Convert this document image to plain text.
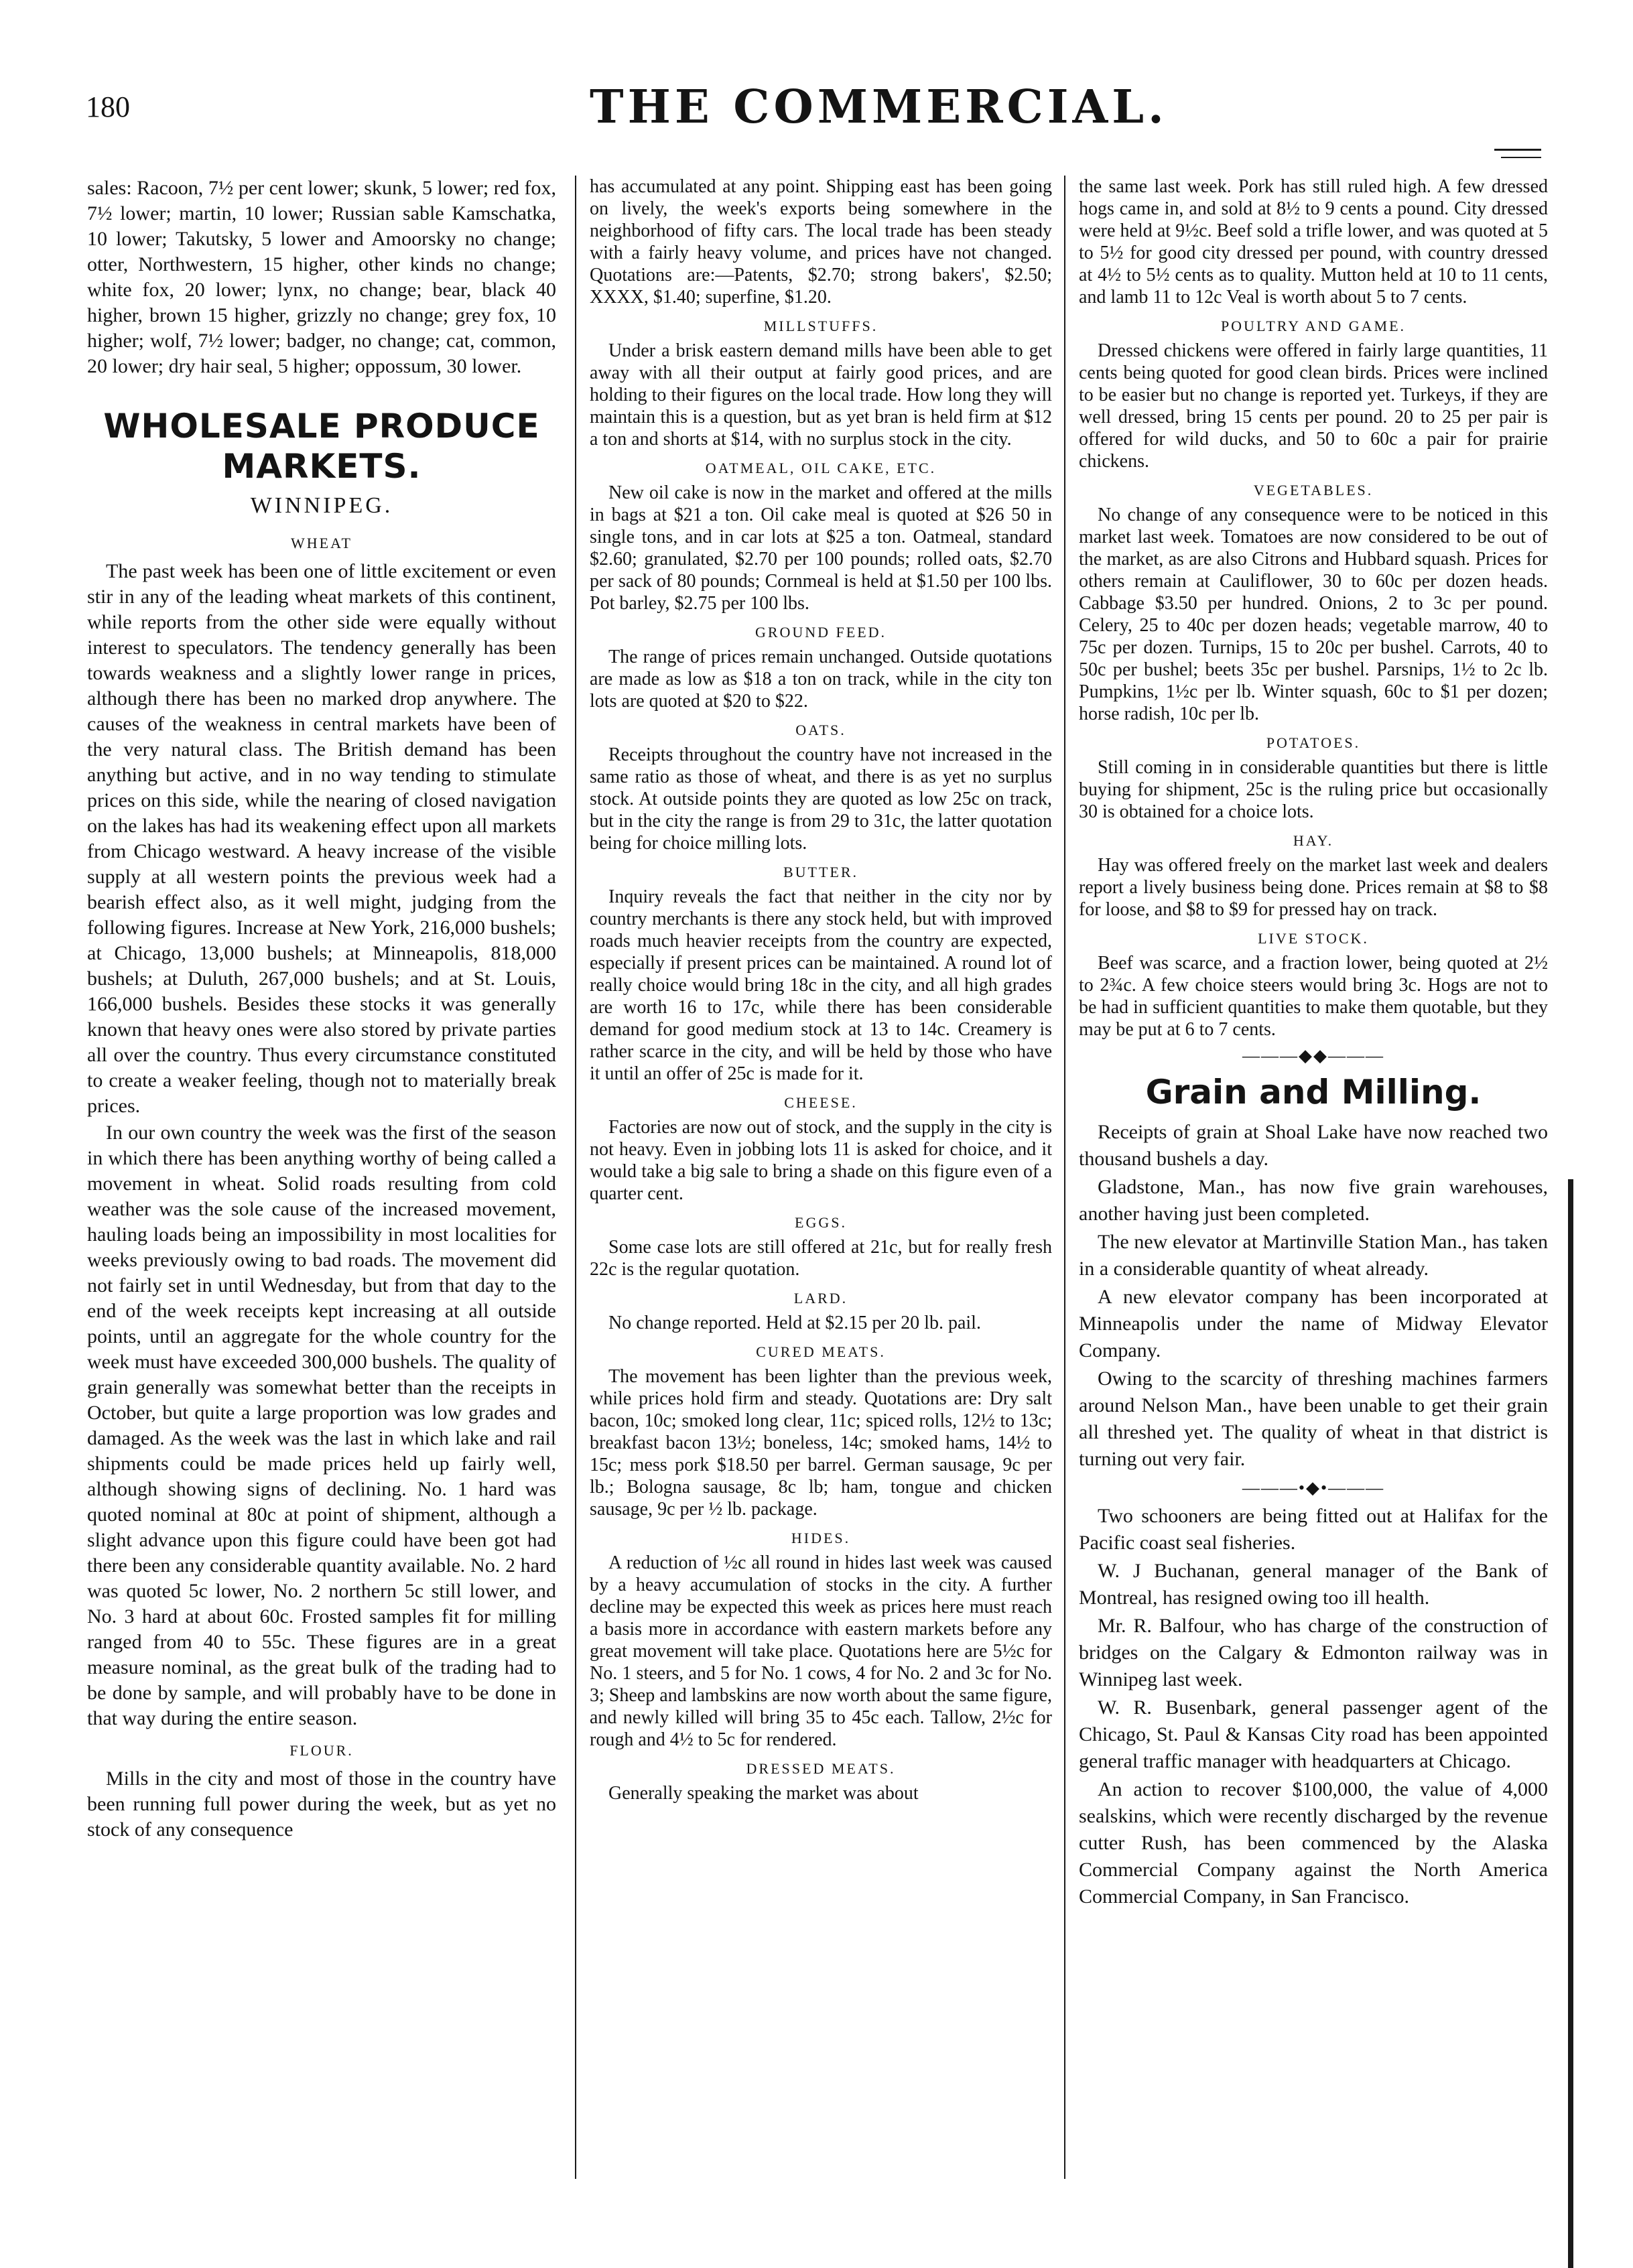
180	THE COMMERCIAL.

sales: Racoon, 7½ per cent lower; skunk, 5 lower; red fox, 7½ lower; martin, 10 lower; Russian sable Kamschatka, 10 lower; Takutsky, 5 lower and Amoorsky no change; otter, Northwestern, 15 higher, other kinds no change; white fox, 20 lower; lynx, no change; bear, black 40 higher, brown 15 higher, grizzly no change; grey fox, 10 higher; wolf, 7½ lower; badger, no change; cat, common, 20 lower; dry hair seal, 5 higher; oppossum, 30 lower.

WHOLESALE PRODUCE MARKETS.
WINNIPEG.
WHEAT

The past week has been one of little excitement or even stir in any of the leading wheat markets of this continent, while reports from the other side were equally without interest to speculators. The tendency generally has been towards weakness and a slightly lower range in prices, although there has been no marked drop anywhere. The causes of the weakness in central markets have been of the very natural class. The British demand has been anything but active, and in no way tending to stimulate prices on this side, while the nearing of closed navigation on the lakes has had its weakening effect upon all markets from Chicago westward. A heavy increase of the visible supply at all western points the previous week had a bearish effect also, as it well might, judging from the following figures. Increase at New York, 216,000 bushels; at Chicago, 13,000 bushels; at Minneapolis, 818,000 bushels; at Duluth, 267,000 bushels; and at St. Louis, 166,000 bushels. Besides these stocks it was generally known that heavy ones were also stored by private parties all over the country. Thus every circumstance constituted to create a weaker feeling, though not to materially break prices.

In our own country the week was the first of the season in which there has been anything worthy of being called a movement in wheat. Solid roads resulting from cold weather was the sole cause of the increased movement, hauling loads being an impossibility in most localities for weeks previously owing to bad roads. The movement did not fairly set in until Wednesday, but from that day to the end of the week receipts kept increasing at all outside points, until an aggregate for the whole country for the week must have exceeded 300,000 bushels. The quality of grain generally was somewhat better than the receipts in October, but quite a large proportion was low grades and damaged. As the week was the last in which lake and rail shipments could be made prices held up fairly well, although showing signs of declining. No. 1 hard was quoted nominal at 80c at point of shipment, although a slight advance upon this figure could have been got had there been any considerable quantity available. No. 2 hard was quoted 5c lower, No. 2 northern 5c still lower, and No. 3 hard at about 60c. Frosted samples fit for milling ranged from 40 to 55c. These figures are in a great measure nominal, as the great bulk of the trading had to be done by sample, and will probably have to be done in that way during the entire season.

FLOUR.

Mills in the city and most of those in the country have been running full power during the week, but as yet no stock of any consequence

has accumulated at any point. Shipping east has been going on lively, the week's exports being somewhere in the neighborhood of fifty cars. The local trade has been steady with a fairly heavy volume, and prices have not changed. Quotations are:—Patents, $2.70; strong bakers', $2.50; XXXX, $1.40; superfine, $1.20.

MILLSTUFFS.

Under a brisk eastern demand mills have been able to get away with all their output at fairly good prices, and are holding to their figures on the local trade. How long they will maintain this is a question, but as yet bran is held firm at $12 a ton and shorts at $14, with no surplus stock in the city.

OATMEAL, OIL CAKE, ETC.

New oil cake is now in the market and offered at the mills in bags at $21 a ton. Oil cake meal is quoted at $26 50 in single tons, and in car lots at $25 a ton. Oatmeal, standard $2.60; granulated, $2.70 per 100 pounds; rolled oats, $2.70 per sack of 80 pounds; Cornmeal is held at $1.50 per 100 lbs. Pot barley, $2.75 per 100 lbs.

GROUND FEED.

The range of prices remain unchanged. Outside quotations are made as low as $18 a ton on track, while in the city ton lots are quoted at $20 to $22.

OATS.

Receipts throughout the country have not increased in the same ratio as those of wheat, and there is as yet no surplus stock. At outside points they are quoted as low 25c on track, but in the city the range is from 29 to 31c, the latter quotation being for choice milling lots.

BUTTER.

Inquiry reveals the fact that neither in the city nor by country merchants is there any stock held, but with improved roads much heavier receipts from the country are expected, especially if present prices can be maintained. A round lot of really choice would bring 18c in the city, and all high grades are worth 16 to 17c, while there has been considerable demand for good medium stock at 13 to 14c. Creamery is rather scarce in the city, and will be held by those who have it until an offer of 25c is made for it.

CHEESE.

Factories are now out of stock, and the supply in the city is not heavy. Even in jobbing lots 11 is asked for choice, and it would take a big sale to bring a shade on this figure even of a quarter cent.

EGGS.

Some case lots are still offered at 21c, but for really fresh 22c is the regular quotation.

LARD.

No change reported. Held at $2.15 per 20 lb. pail.

CURED MEATS.

The movement has been lighter than the previous week, while prices hold firm and steady. Quotations are: Dry salt bacon, 10c; smoked long clear, 11c; spiced rolls, 12½ to 13c; breakfast bacon 13½; boneless, 14c; smoked hams, 14½ to 15c; mess pork $18.50 per barrel. German sausage, 9c per lb.; Bologna sausage, 8c lb; ham, tongue and chicken sausage, 9c per ½ lb. package.

HIDES.

A reduction of ½c all round in hides last week was caused by a heavy accumulation of stocks in the city. A further decline may be expected this week as prices here must reach a basis more in accordance with eastern markets before any great movement will take place. Quotations here are 5½c for No. 1 steers, and 5 for No. 1 cows, 4 for No. 2 and 3c for No. 3; Sheep and lambskins are now worth about the same figure, and newly killed will bring 35 to 45c each. Tallow, 2½c for rough and 4½ to 5c for rendered.

DRESSED MEATS.

Generally speaking the market was about

the same last week. Pork has still ruled high. A few dressed hogs came in, and sold at 8½ to 9 cents a pound. City dressed were held at 9½c. Beef sold a trifle lower, and was quoted at 5 to 5½ for good city dressed per pound, with country dressed at 4½ to 5½ cents as to quality. Mutton held at 10 to 11 cents, and lamb 11 to 12c Veal is worth about 5 to 7 cents.

POULTRY AND GAME.

Dressed chickens were offered in fairly large quantities, 11 cents being quoted for good clean birds. Prices were inclined to be easier but no change is reported yet. Turkeys, if they are well dressed, bring 15 cents per pound. 20 to 25 per pair is offered for wild ducks, and 50 to 60c a pair for prairie chickens.

VEGETABLES.

No change of any consequence were to be noticed in this market last week. Tomatoes are now considered to be out of the market, as are also Citrons and Hubbard squash. Prices for others remain at Cauliflower, 30 to 60c per dozen heads. Cabbage $3.50 per hundred. Onions, 2 to 3c per pound. Celery, 25 to 40c per dozen heads; vegetable marrow, 40 to 75c per dozen. Turnips, 15 to 20c per bushel. Carrots, 40 to 50c per bushel; beets 35c per bushel. Parsnips, 1½ to 2c lb. Pumpkins, 1½c per lb. Winter squash, 60c to $1 per dozen; horse radish, 10c per lb.

POTATOES.

Still coming in in considerable quantities but there is little buying for shipment, 25c is the ruling price but occasionally 30 is obtained for a choice lots.

HAY.

Hay was offered freely on the market last week and dealers report a lively business being done. Prices remain at $8 to $8 for loose, and $8 to $9 for pressed hay on track.

LIVE STOCK.

Beef was scarce, and a fraction lower, being quoted at 2½ to 2¾c. A few choice steers would bring 3c. Hogs are not to be had in sufficient quantities to make them quotable, but they may be put at 6 to 7 cents.

———◆◆———
Grain and Milling.

Receipts of grain at Shoal Lake have now reached two thousand bushels a day.

Gladstone, Man., has now five grain warehouses, another having just been completed.

The new elevator at Martinville Station Man., has taken in a considerable quantity of wheat already.

A new elevator company has been incorporated at Minneapolis under the name of Midway Elevator Company.

Owing to the scarcity of threshing machines farmers around Nelson Man., have been unable to get their grain all threshed yet. The quality of wheat in that district is turning out very fair.

———•◆•———

Two schooners are being fitted out at Halifax for the Pacific coast seal fisheries.

W. J Buchanan, general manager of the Bank of Montreal, has resigned owing too ill health.

Mr. R. Balfour, who has charge of the construction of bridges on the Calgary & Edmonton railway was in Winnipeg last week.

W. R. Busenbark, general passenger agent of the Chicago, St. Paul & Kansas City road has been appointed general traffic manager with headquarters at Chicago.

An action to recover $100,000, the value of 4,000 sealskins, which were recently discharged by the revenue cutter Rush, has been commenced by the Alaska Commercial Company against the North America Commercial Company, in San Francisco.
